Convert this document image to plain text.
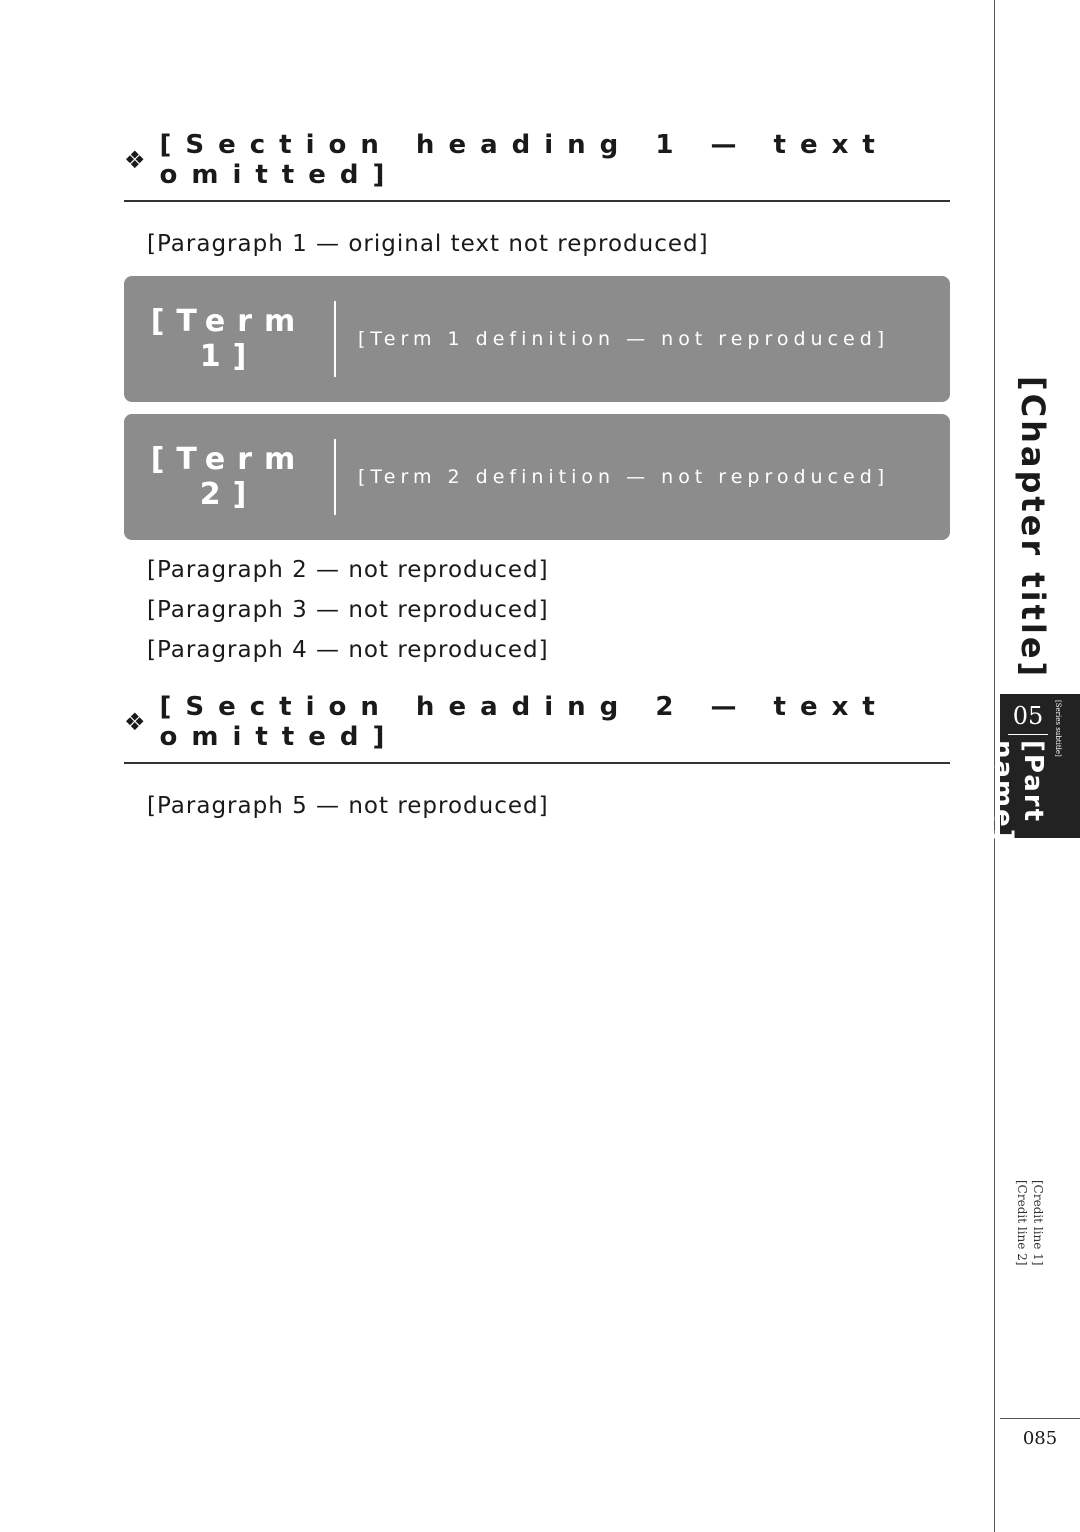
❖ [Section heading 1 — text omitted]

[Paragraph 1 — original text not reproduced]

[Term 1]
[Term 1 definition — not reproduced]
[Term 2]
[Term 2 definition — not reproduced]

[Paragraph 2 — not reproduced]

[Paragraph 3 — not reproduced]

[Paragraph 4 — not reproduced]

❖ [Section heading 2 — text omitted]

[Paragraph 5 — not reproduced]

[Chapter title]
05
[Part name]
[Series subtitle]
[Credit line 1]
[Credit line 2]
085
